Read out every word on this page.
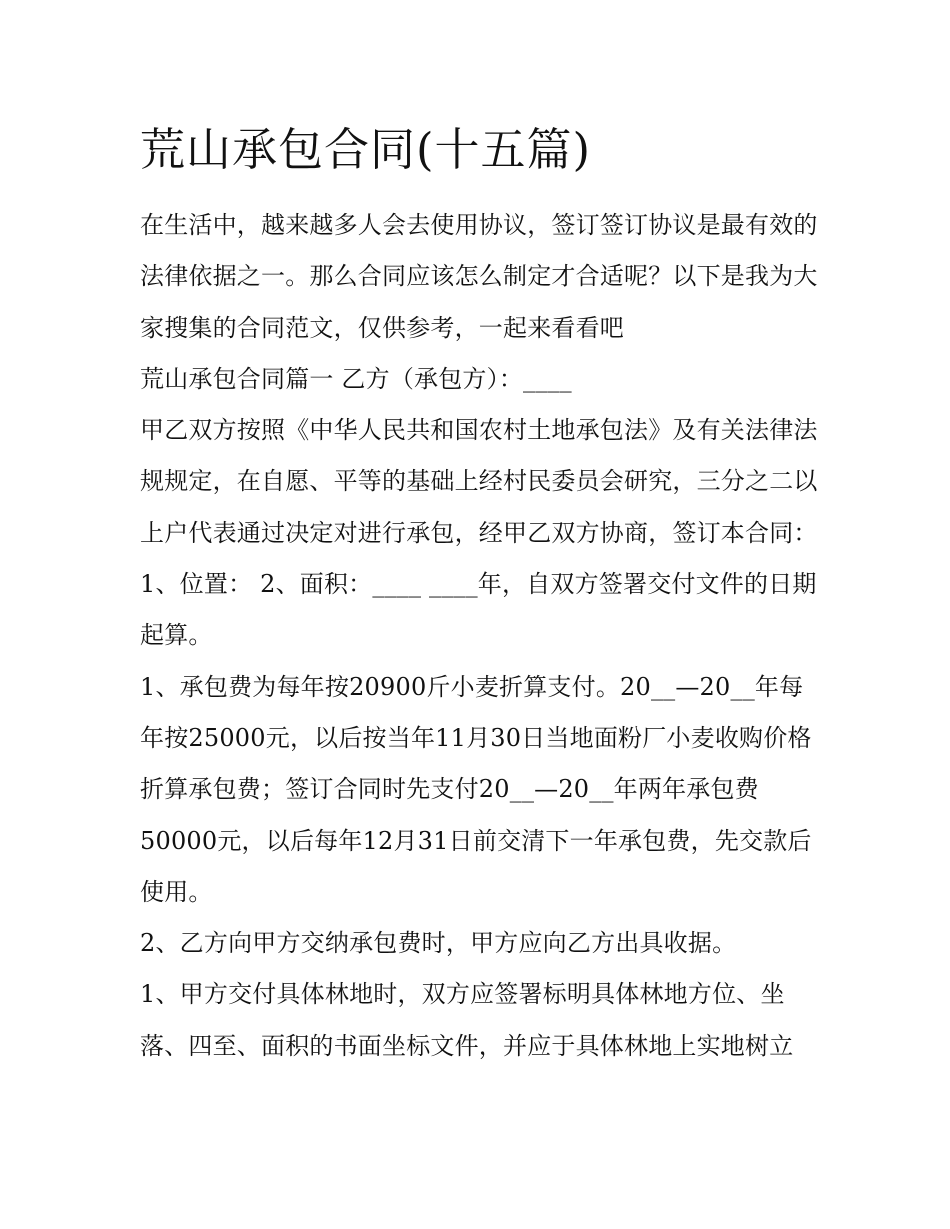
荒山承包合同(十五篇)

在生活中，越来越多人会去使用协议，签订签订协议是最有效的法律依据之一。那么合同应该怎么制定才合适呢？以下是我为大家搜集的合同范文，仅供参考，一起来看看吧

荒山承包合同篇一 乙方（承包方）：____

甲乙双方按照《中华人民共和国农村土地承包法》及有关法律法规规定，在自愿、平等的基础上经村民委员会研究，三分之二以上户代表通过决定对进行承包，经甲乙双方协商，签订本合同：

1、位置： 2、面积：____ ____年，自双方签署交付文件的日期起算。

1、承包费为每年按20900斤小麦折算支付。20__—20__年每年按25000元，以后按当年11月30日当地面粉厂小麦收购价格折算承包费；签订合同时先支付20__—20__年两年承包费50000元，以后每年12月31日前交清下一年承包费，先交款后使用。

2、乙方向甲方交纳承包费时，甲方应向乙方出具收据。

1、甲方交付具体林地时，双方应签署标明具体林地方位、坐落、四至、面积的书面坐标文件，并应于具体林地上实地树立
